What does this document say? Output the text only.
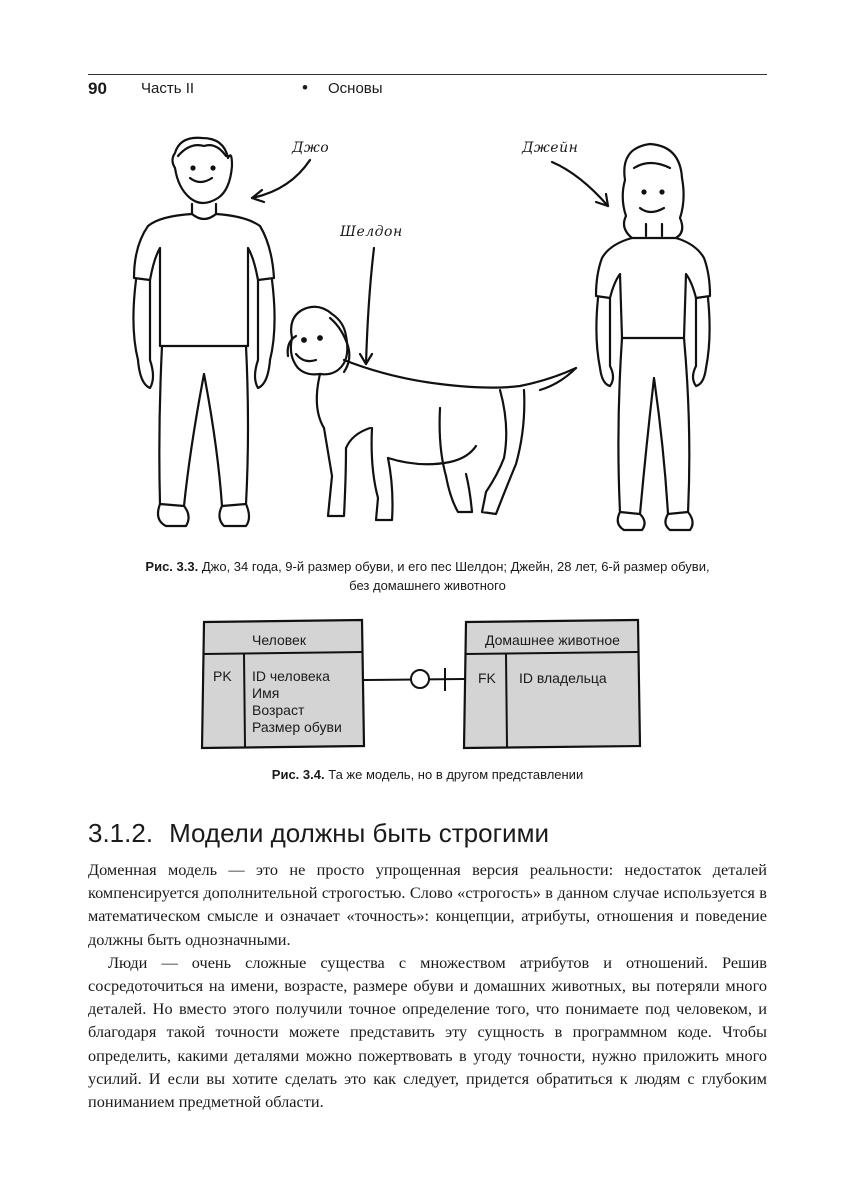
90 Часть II	• Основы
Джо
Шелдон
Джейн
Рис. 3.3. Джо, 34 года, 9-й размер обуви, и его пес Шелдон; Джейн, 28 лет, 6-й размер обуви,
без домашнего животного
Человек
PK ID человека
Имя
Возраст
Размер обуви
Домашнее животное
FK ID владельца
Рис. 3.4. Та же модель, но в другом представлении
3.1.2. Модели должны быть строгими

Доменная модель — это не просто упрощенная версия реальности: недостаток деталей компенсируется дополнительной строгостью. Слово «строгость» в данном случае используется в математическом смысле и означает «точность»: концепции, атрибуты, отношения и поведение должны быть однозначными.

Люди — очень сложные существа с множеством атрибутов и отношений. Решив сосредоточиться на имени, возрасте, размере обуви и домашних животных, вы потеряли много деталей. Но вместо этого получили точное определение того, что понимаете под человеком, и благодаря такой точности можете представить эту сущность в программном коде. Чтобы определить, какими деталями можно пожертвовать в угоду точности, нужно приложить много усилий. И если вы хотите сделать это как следует, придется обратиться к людям с глубоким пониманием предметной области.
